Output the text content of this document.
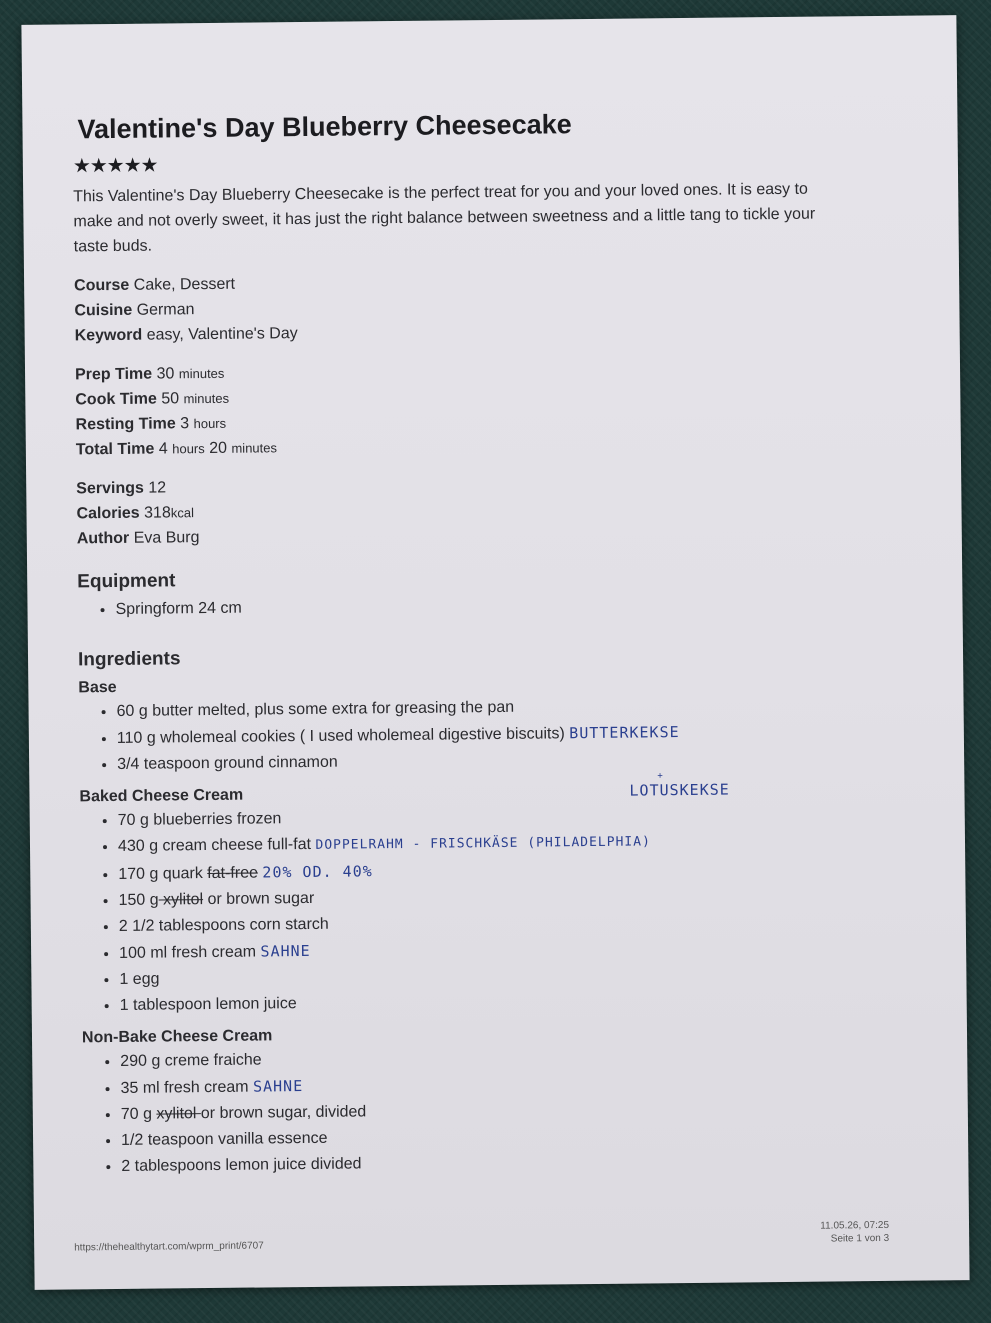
Valentine's Day Blueberry Cheesecake
★★★★★
This Valentine's Day Blueberry Cheesecake is the perfect treat for you and your loved ones. It is easy to make and not overly sweet, it has just the right balance between sweetness and a little tang to tickle your taste buds.
Course Cake, Dessert
Cuisine German
Keyword easy, Valentine's Day
Prep Time 30 minutes
Cook Time 50 minutes
Resting Time 3 hours
Total Time 4 hours 20 minutes
Servings 12
Calories 318kcal
Author Eva Burg
Equipment
• Springform 24 cm
Ingredients
Base
• 60 g butter melted, plus some extra for greasing the pan
• 110 g wholemeal cookies ( I used wholemeal digestive biscuits) BUTTERKEKSE
• 3/4 teaspoon ground cinnamon
Baked Cheese Cream
• 70 g blueberries frozen
• 430 g cream cheese full-fat DOPPELRAHM - FRISCHKÄSE (PHILADELPHIA)
• 170 g quark fat-free 20% OD. 40%
• 150 g xylitol or brown sugar
• 2 1/2 tablespoons corn starch
• 100 ml fresh cream SAHNE
• 1 egg
• 1 tablespoon lemon juice
Non-Bake Cheese Cream
• 290 g creme fraiche
• 35 ml fresh cream SAHNE
• 70 g xylitol or brown sugar, divided
• 1/2 teaspoon vanilla essence
• 2 tablespoons lemon juice divided
+
LOTUSKEKSE
https://thehealthytart.com/wprm_print/6707
11.05.26, 07:25
Seite 1 von 3
